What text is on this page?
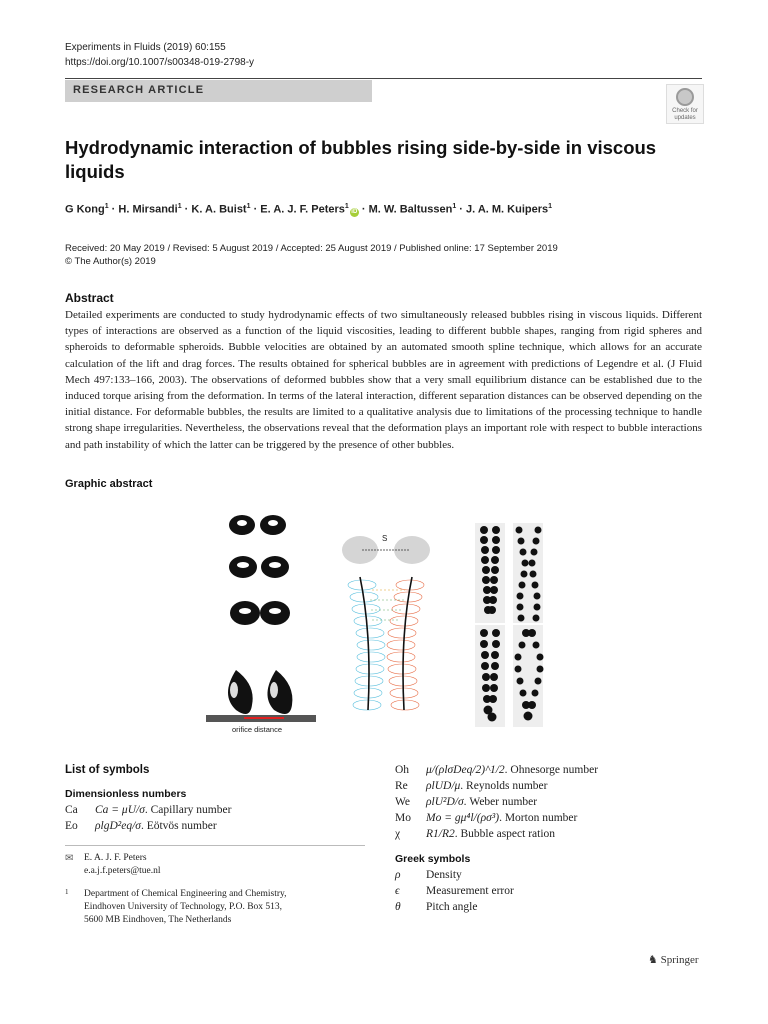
Experiments in Fluids (2019) 60:155
https://doi.org/10.1007/s00348-019-2798-y
RESEARCH ARTICLE
Check for
updates
Hydrodynamic interaction of bubbles rising side-by-side in viscous liquids
G Kong$^1$ · H. Mirsandi$^1$ · K. A. Buist$^1$ · E. A. J. F. Peters$^1$iD · M. W. Baltussen$^1$ · J. A. M. Kuipers$^1$
Received: 20 May 2019 / Revised: 5 August 2019 / Accepted: 25 August 2019 / Published online: 17 September 2019
© The Author(s) 2019
Abstract
Detailed experiments are conducted to study hydrodynamic effects of two simultaneously released bubbles rising in viscous liquids. Different types of interactions are observed as a function of the liquid viscosities, leading to different bubble shapes, ranging from rigid spheres and spheroids to deformable spheroids. Bubble velocities are obtained by an automated smooth spline technique, which allows for an accurate calculation of the lift and drag forces. The results obtained for spherical bubbles are in agreement with predictions of Legendre et al. (J Fluid Mech 497:133–166, 2003). The observations of deformed bubbles show that a very small equilibrium distance can be established due to the induced torque arising from the deformation. In terms of the lateral interaction, different separation distances can be observed depending on the initial distance. For deformable bubbles, the results are limited to a qualitative analysis due to limitations of the processing technique to handle strong shape irregularities. Nevertheless, the observations reveal that the deformation plays an important role with respect to bubble interactions and path instability of which the latter can be triggered by the presence of other bubbles.
Graphic abstract
orifice distance
S
List of symbols
Dimensionless numbers
Ca Ca = μU/σ. Capillary number
Eo ρlgD²eq/σ. Eötvös number
Oh μ/(ρlσDeq/2)^1/2. Ohnesorge number
Re ρlUD/μ. Reynolds number
We ρlU²D/σ. Weber number
Mo Mo = gμ⁴l/(ρσ³). Morton number
χ R1/R2. Bubble aspect ration
Greek symbols
ρ Density
ϵ Measurement error
θ Pitch angle
✉ E. A. J. F. Peters
e.a.j.f.peters@tue.nl
1 Department of Chemical Engineering and Chemistry,
Eindhoven University of Technology, P.O. Box 513,
5600 MB Eindhoven, The Netherlands
♞ Springer
